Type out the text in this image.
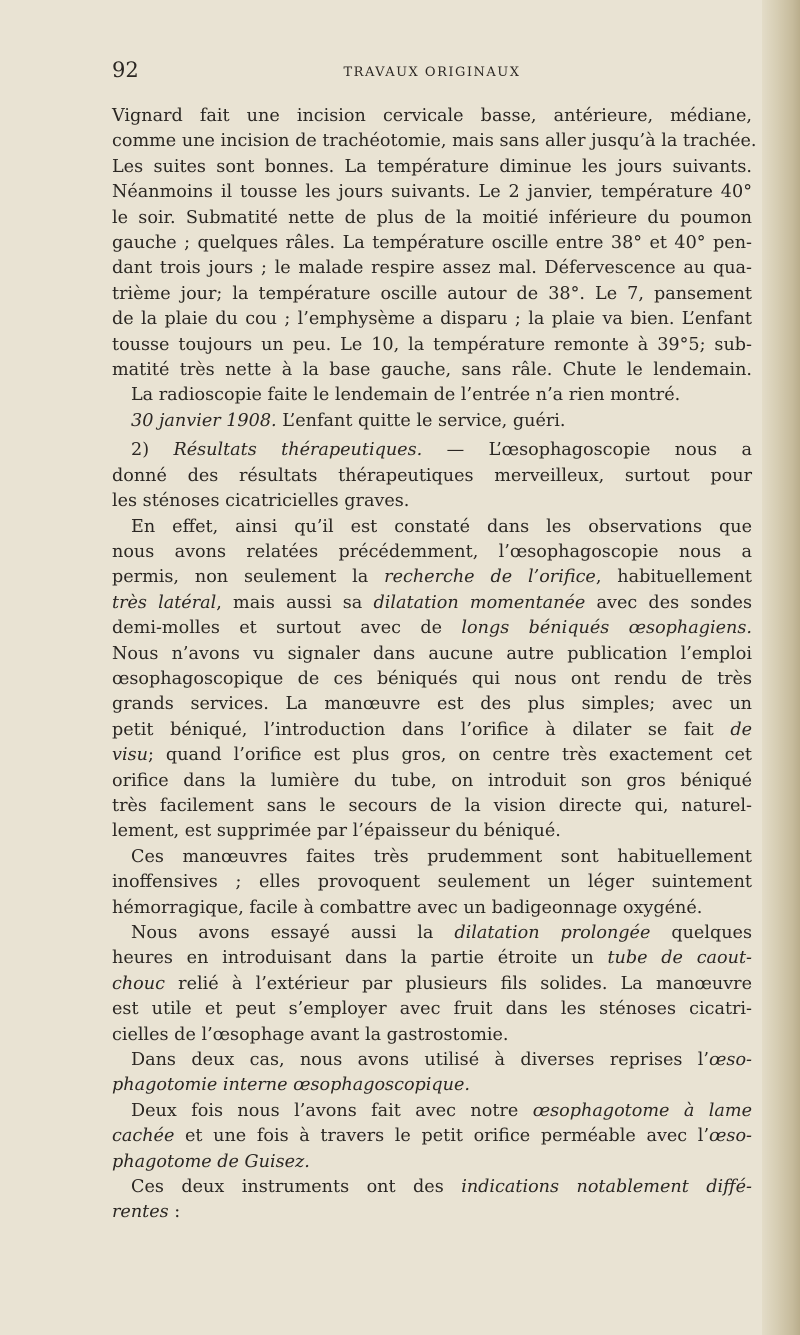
92	TRAVAUX ORIGINAUX
Vignard fait une incision cervicale basse, antérieure, médiane,
comme une incision de trachéotomie, mais sans aller jusqu’à la trachée.
Les suites sont bonnes. La température diminue les jours suivants.
Néanmoins il tousse les jours suivants. Le 2 janvier, température 40°
le soir. Submatité nette de plus de la moitié inférieure du poumon
gauche ; quelques râles. La température oscille entre 38° et 40° pen-
dant trois jours ; le malade respire assez mal. Défervescence au qua-
trième jour; la température oscille autour de 38°. Le 7, pansement
de la plaie du cou ; l’emphysème a disparu ; la plaie va bien. L’enfant
tousse toujours un peu. Le 10, la température remonte à 39°5; sub-
matité très nette à la base gauche, sans râle. Chute le lendemain.
La radioscopie faite le lendemain de l’entrée n’a rien montré.
30 janvier 1908. L’enfant quitte le service, guéri.
2) Résultats thérapeutiques. — L’œsophagoscopie nous a
donné des résultats thérapeutiques merveilleux, surtout pour
les sténoses cicatricielles graves.
En effet, ainsi qu’il est constaté dans les observations que
nous avons relatées précédemment, l’œsophagoscopie nous a
permis, non seulement la recherche de l’orifice, habituellement
très latéral, mais aussi sa dilatation momentanée avec des sondes
demi-molles et surtout avec de longs béniqués œsophagiens.
Nous n’avons vu signaler dans aucune autre publication l’emploi
œsophagoscopique de ces béniqués qui nous ont rendu de très
grands services. La manœuvre est des plus simples; avec un
petit béniqué, l’introduction dans l’orifice à dilater se fait de
visu; quand l’orifice est plus gros, on centre très exactement cet
orifice dans la lumière du tube, on introduit son gros béniqué
très facilement sans le secours de la vision directe qui, naturel-
lement, est supprimée par l’épaisseur du béniqué.
Ces manœuvres faites très prudemment sont habituellement
inoffensives ; elles provoquent seulement un léger suintement
hémorragique, facile à combattre avec un badigeonnage oxygéné.
Nous avons essayé aussi la dilatation prolongée quelques
heures en introduisant dans la partie étroite un tube de caout-
chouc relié à l’extérieur par plusieurs fils solides. La manœuvre
est utile et peut s’employer avec fruit dans les sténoses cicatri-
cielles de l’œsophage avant la gastrostomie.
Dans deux cas, nous avons utilisé à diverses reprises l’œso-
phagotomie interne œsophagoscopique.
Deux fois nous l’avons fait avec notre œsophagotome à lame
cachée et une fois à travers le petit orifice perméable avec l’œso-
phagotome de Guisez.
Ces deux instruments ont des indications notablement diffé-
rentes :
